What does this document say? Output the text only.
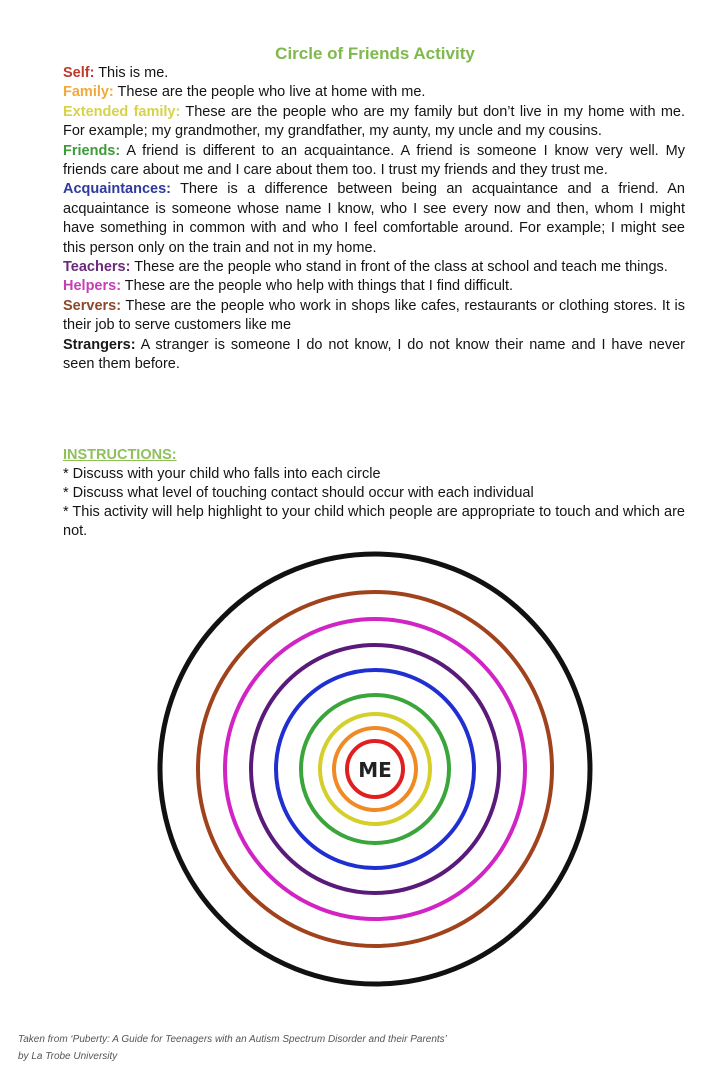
Circle of Friends Activity

Self: This is me.

Family: These are the people who live at home with me.

Extended family: These are the people who are my family but don’t live in my home with me. For example; my grandmother, my grandfather, my aunty, my uncle and my cousins.

Friends: A friend is different to an acquaintance. A friend is someone I know very well. My friends care about me and I care about them too. I trust my friends and they trust me.

Acquaintances: There is a difference between being an acquaintance and a friend. An acquaintance is someone whose name I know, who I see every now and then, whom I might have something in common with and who I feel comfortable around. For example; I might see this person only on the train and not in my home.

Teachers: These are the people who stand in front of the class at school and teach me things.

Helpers: These are the people who help with things that I find difficult.

Servers: These are the people who work in shops like cafes, restaurants or clothing stores. It is their job to serve customers like me

Strangers: A stranger is someone I do not know, I do not know their name and I have never seen them before.

INSTRUCTIONS:

* Discuss with your child who falls into each circle

* Discuss what level of touching contact should occur with each individual

* This activity will help highlight to your child which people are appropriate to touch and which are not.

ME
Taken from ‘Puberty: A Guide for Teenagers with an Autism Spectrum Disorder and their Parents’
by La Trobe University
